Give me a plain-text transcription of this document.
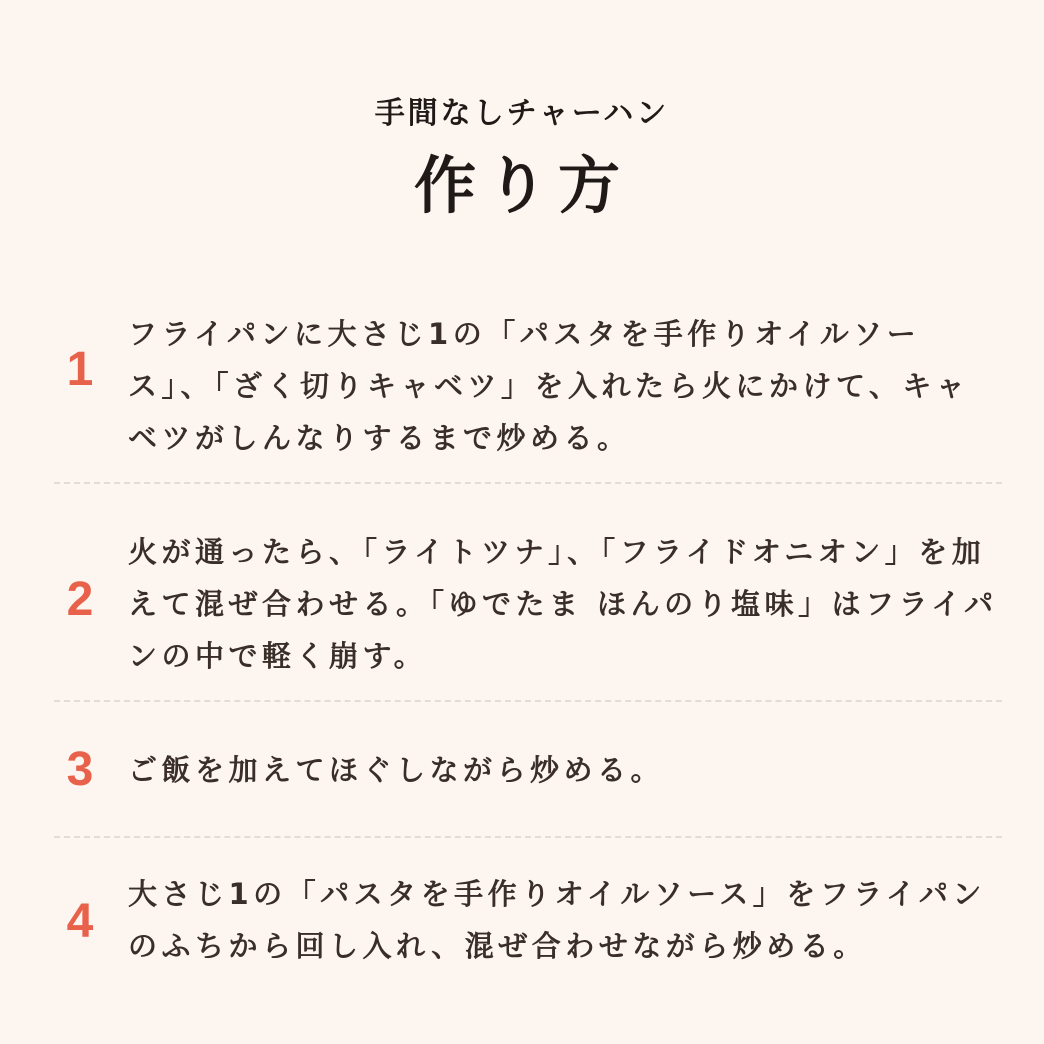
手間なしチャーハン
作り方
1
フライパンに大さじ1の「パスタを手作りオイルソース」、「ざく切りキャベツ」を入れたら火にかけて、キャベツがしんなりするまで炒める。
2
火が通ったら、「ライトツナ」、「フライドオニオン」を加えて混ぜ合わせる。「ゆでたま ほんのり塩味」はフライパンの中で軽く崩す。
3	ご飯を加えてほぐしながら炒める。
4
大さじ1の「パスタを手作りオイルソース」をフライパンのふちから回し入れ、混ぜ合わせながら炒める。
